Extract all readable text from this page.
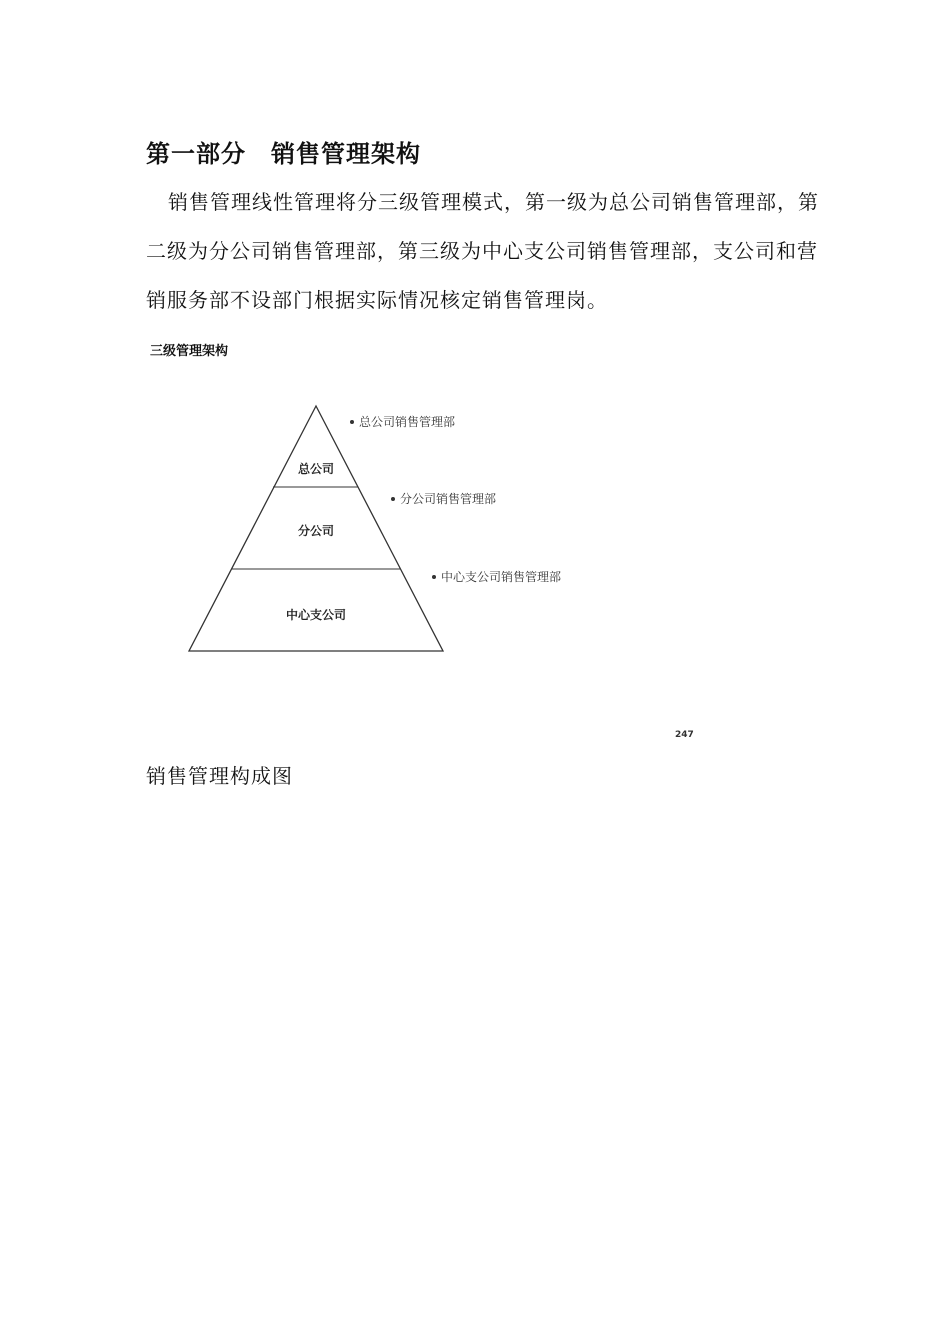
第一部分　销售管理架构
销售管理线性管理将分三级管理模式，第一级为总公司销售管理部，第二级为分公司销售管理部，第三级为中心支公司销售管理部，支公司和营销服务部不设部门根据实际情况核定销售管理岗。
三级管理架构
总公司
分公司
中心支公司
总公司销售管理部
分公司销售管理部
中心支公司销售管理部
247
销售管理构成图
